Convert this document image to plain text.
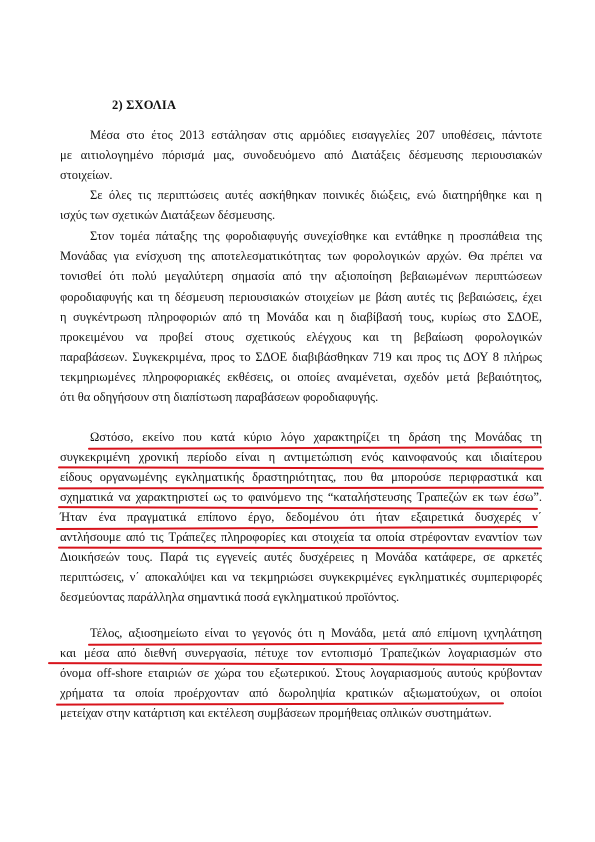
2) ΣΧΟΛΙΑ
Μέσα στο έτος 2013 εστάλησαν στις αρμόδιες εισαγγελίες 207 υποθέσεις, πάντοτε
με αιτιολογημένο πόρισμά μας, συνοδευόμενο από Διατάξεις δέσμευσης περιουσιακών
στοιχείων.
Σε όλες τις περιπτώσεις αυτές ασκήθηκαν ποινικές διώξεις, ενώ διατηρήθηκε και η
ισχύς των σχετικών Διατάξεων δέσμευσης.
Στον τομέα πάταξης της φοροδιαφυγής συνεχίσθηκε και εντάθηκε η προσπάθεια της
Μονάδας για ενίσχυση της αποτελεσματικότητας των φορολογικών αρχών. Θα πρέπει να
τονισθεί ότι πολύ μεγαλύτερη σημασία από την αξιοποίηση βεβαιωμένων περιπτώσεων
φοροδιαφυγής και τη δέσμευση περιουσιακών στοιχείων με βάση αυτές τις βεβαιώσεις, έχει
η συγκέντρωση πληροφοριών από τη Μονάδα και η διαβίβασή τους, κυρίως στο ΣΔΟΕ,
προκειμένου να προβεί στους σχετικούς ελέγχους και τη βεβαίωση φορολογικών
παραβάσεων. Συγκεκριμένα, προς το ΣΔΟΕ διαβιβάσθηκαν 719 και προς τις ΔΟΥ 8 πλήρως
τεκμηριωμένες πληροφοριακές εκθέσεις, οι οποίες αναμένεται, σχεδόν μετά βεβαιότητος,
ότι θα οδηγήσουν στη διαπίστωση παραβάσεων φοροδιαφυγής.
Ωστόσο, εκείνο που κατά κύριο λόγο χαρακτηρίζει τη δράση της Μονάδας τη
συγκεκριμένη χρονική περίοδο είναι η αντιμετώπιση ενός καινοφανούς και ιδιαίτερου
είδους οργανωμένης εγκληματικής δραστηριότητας, που θα μπορούσε περιφραστικά και
σχηματικά να χαρακτηριστεί ως το φαινόμενο της “καταλήστευσης Τραπεζών εκ των έσω”.
Ήταν ένα πραγματικά επίπονο έργο, δεδομένου ότι ήταν εξαιρετικά δυσχερές ν΄
αντλήσουμε από τις Τράπεζες πληροφορίες και στοιχεία τα οποία στρέφονταν εναντίον των
Διοικήσεών τους. Παρά τις εγγενείς αυτές δυσχέρειες η Μονάδα κατάφερε, σε αρκετές
περιπτώσεις, ν΄ αποκαλύψει και να τεκμηριώσει συγκεκριμένες εγκληματικές συμπεριφορές
δεσμεύοντας παράλληλα σημαντικά ποσά εγκληματικού προϊόντος.
Τέλος, αξιοσημείωτο είναι το γεγονός ότι η Μονάδα, μετά από επίμονη ιχνηλάτηση
και μέσα από διεθνή συνεργασία, πέτυχε τον εντοπισμό Τραπεζικών λογαριασμών στο
όνομα off-shore εταιριών σε χώρα του εξωτερικού. Στους λογαριασμούς αυτούς κρύβονταν
χρήματα τα οποία προέρχονταν από δωροληψία κρατικών αξιωματούχων, οι οποίοι
μετείχαν στην κατάρτιση και εκτέλεση συμβάσεων προμήθειας οπλικών συστημάτων.
